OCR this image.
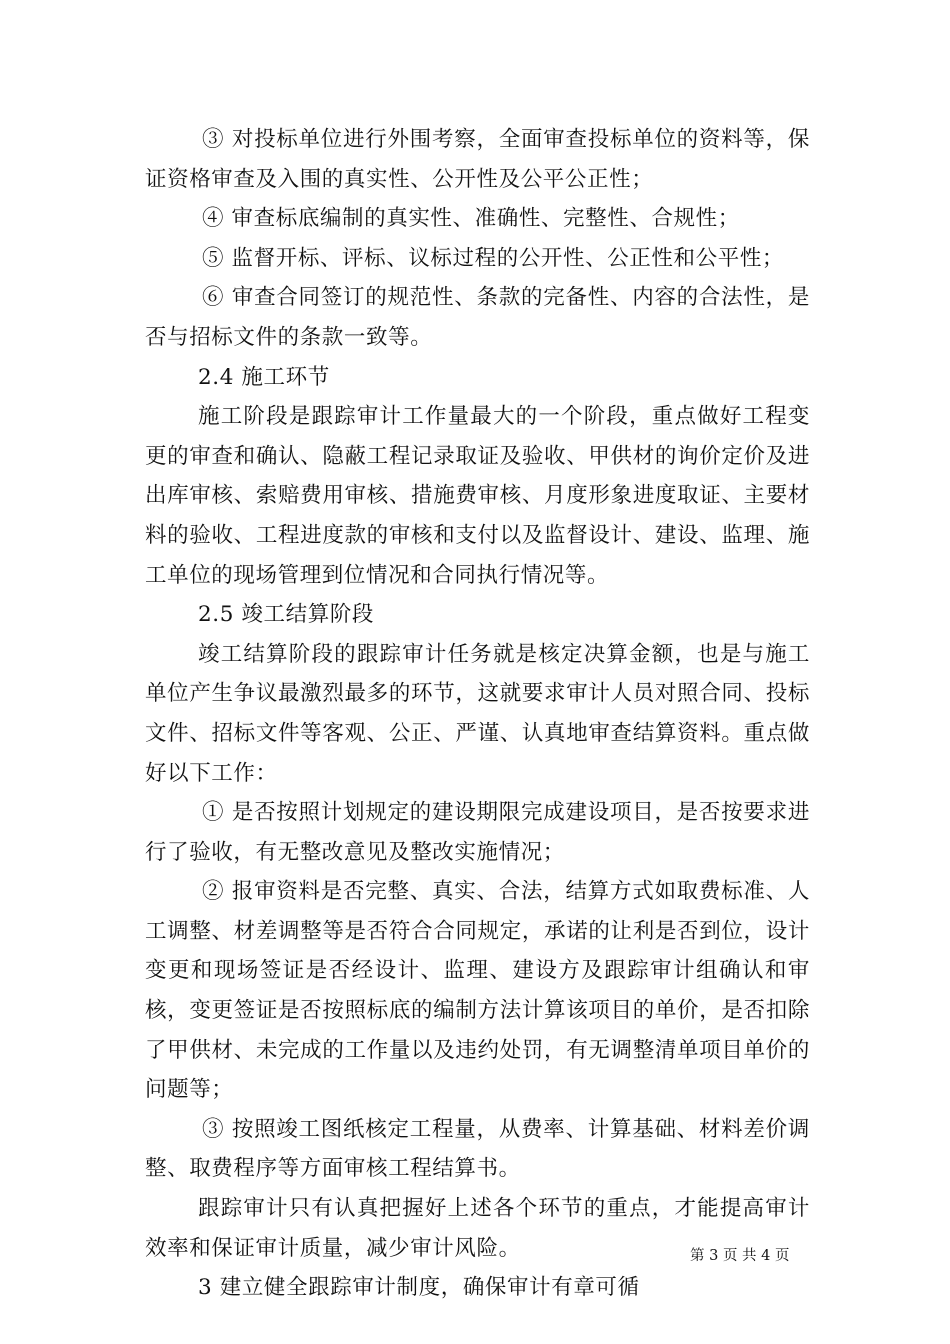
③ 对投标单位进行外围考察，全面审查投标单位的资料等，保证资格审查及入围的真实性、公开性及公平公正性；

④ 审查标底编制的真实性、准确性、完整性、合规性；

⑤ 监督开标、评标、议标过程的公开性、公正性和公平性；

⑥ 审查合同签订的规范性、条款的完备性、内容的合法性，是否与招标文件的条款一致等。

2.4 施工环节

施工阶段是跟踪审计工作量最大的一个阶段，重点做好工程变更的审查和确认、隐蔽工程记录取证及验收、甲供材的询价定价及进出库审核、索赔费用审核、措施费审核、月度形象进度取证、主要材料的验收、工程进度款的审核和支付以及监督设计、建设、监理、施工单位的现场管理到位情况和合同执行情况等。

2.5 竣工结算阶段

竣工结算阶段的跟踪审计任务就是核定决算金额，也是与施工单位产生争议最激烈最多的环节，这就要求审计人员对照合同、投标文件、招标文件等客观、公正、严谨、认真地审查结算资料。重点做好以下工作：

① 是否按照计划规定的建设期限完成建设项目，是否按要求进行了验收，有无整改意见及整改实施情况；

② 报审资料是否完整、真实、合法，结算方式如取费标准、人工调整、材差调整等是否符合合同规定，承诺的让利是否到位，设计变更和现场签证是否经设计、监理、建设方及跟踪审计组确认和审核，变更签证是否按照标底的编制方法计算该项目的单价，是否扣除了甲供材、未完成的工作量以及违约处罚，有无调整清单项目单价的问题等；

③ 按照竣工图纸核定工程量，从费率、计算基础、材料差价调整、取费程序等方面审核工程结算书。

跟踪审计只有认真把握好上述各个环节的重点，才能提高审计效率和保证审计质量，减少审计风险。

3 建立健全跟踪审计制度，确保审计有章可循

第 3 页 共 4 页
